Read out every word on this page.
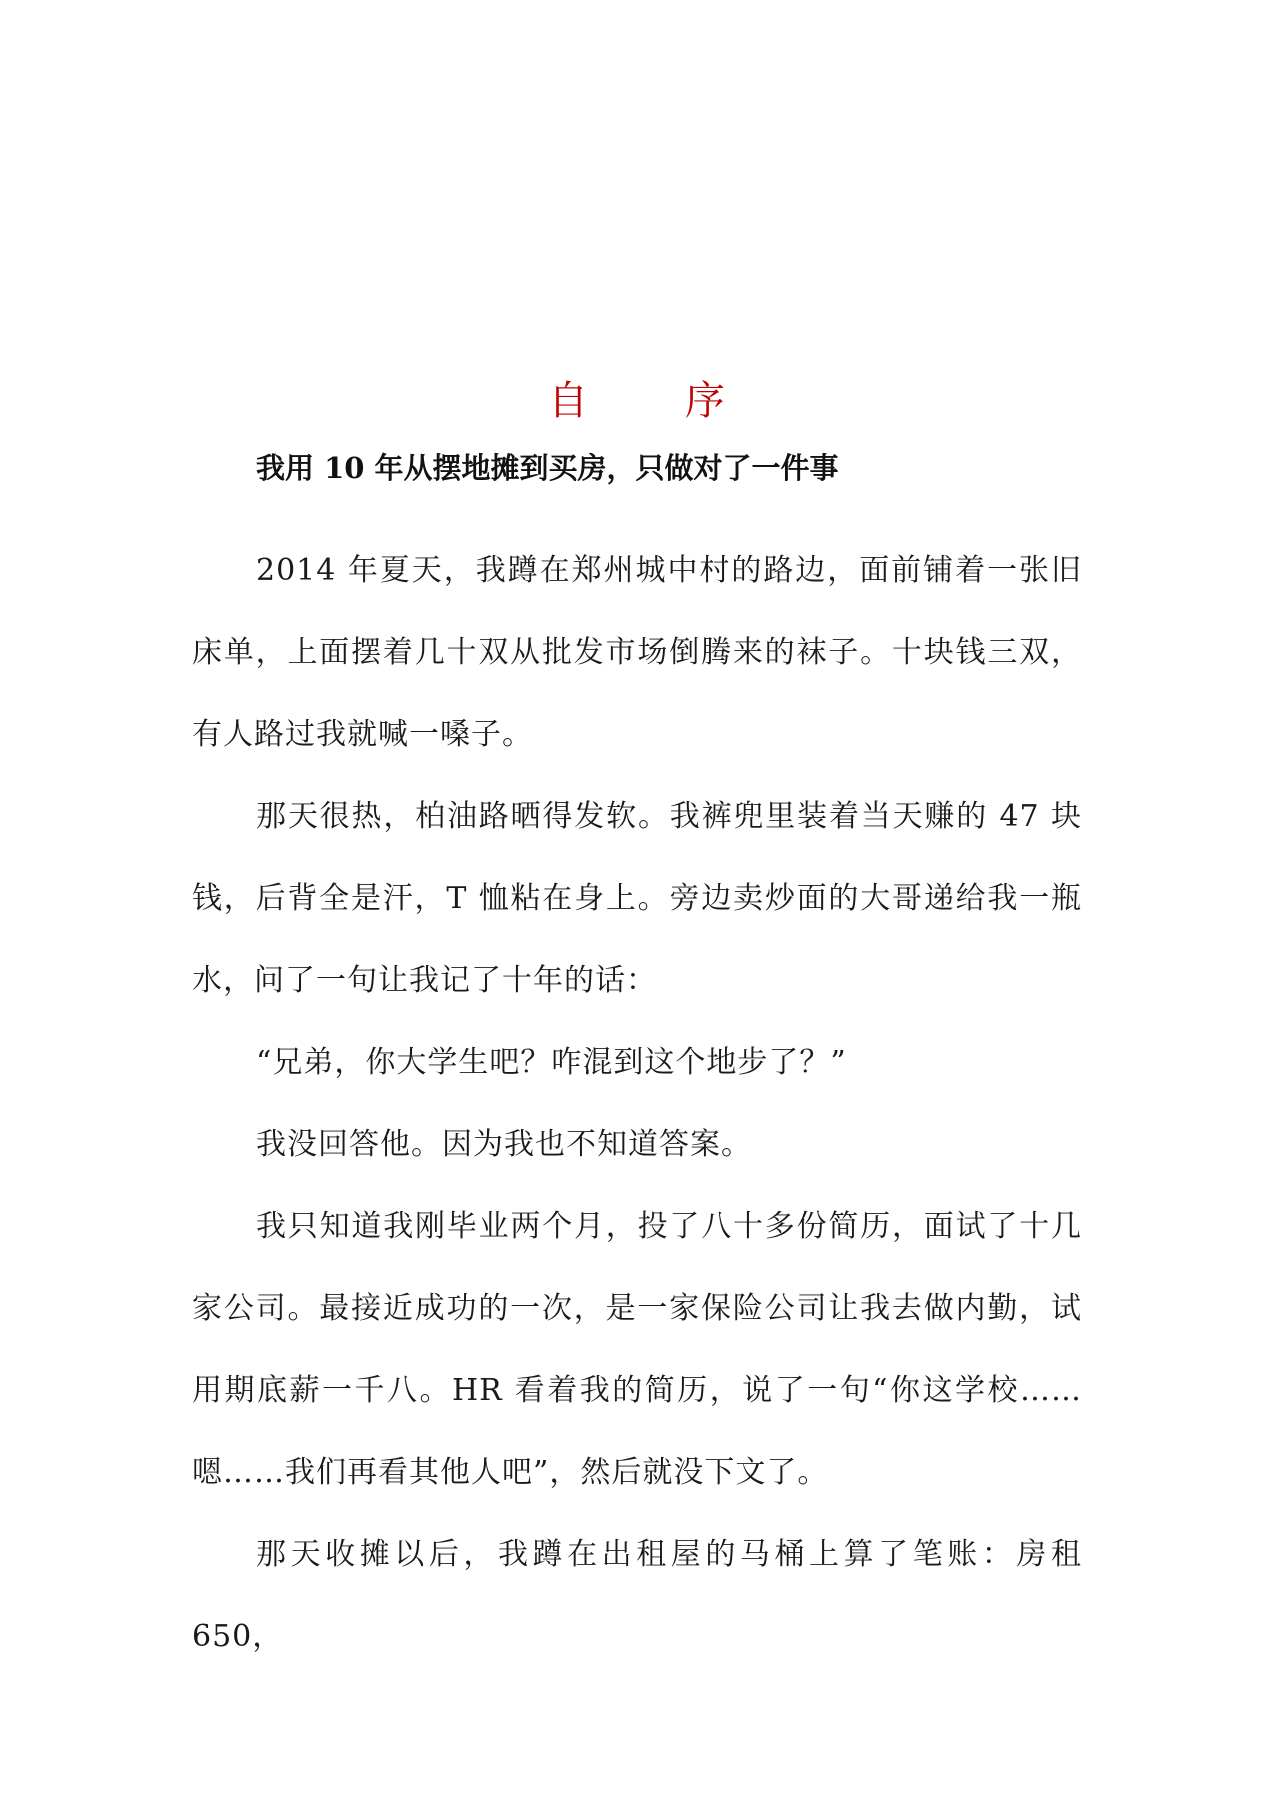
自 序
我用 10 年从摆地摊到买房，只做对了一件事

2014 年夏天，我蹲在郑州城中村的路边，面前铺着一张旧床单，上面摆着几十双从批发市场倒腾来的袜子。十块钱三双，有人路过我就喊一嗓子。

那天很热，柏油路晒得发软。我裤兜里装着当天赚的 47 块钱，后背全是汗，T 恤粘在身上。旁边卖炒面的大哥递给我一瓶水，问了一句让我记了十年的话：

“兄弟，你大学生吧？咋混到这个地步了？”

我没回答他。因为我也不知道答案。

我只知道我刚毕业两个月，投了八十多份简历，面试了十几家公司。最接近成功的一次，是一家保险公司让我去做内勤，试用期底薪一千八。HR 看着我的简历，说了一句“你这学校……嗯……我们再看其他人吧”，然后就没下文了。

那天收摊以后，我蹲在出租屋的马桶上算了笔账：房租 650，
